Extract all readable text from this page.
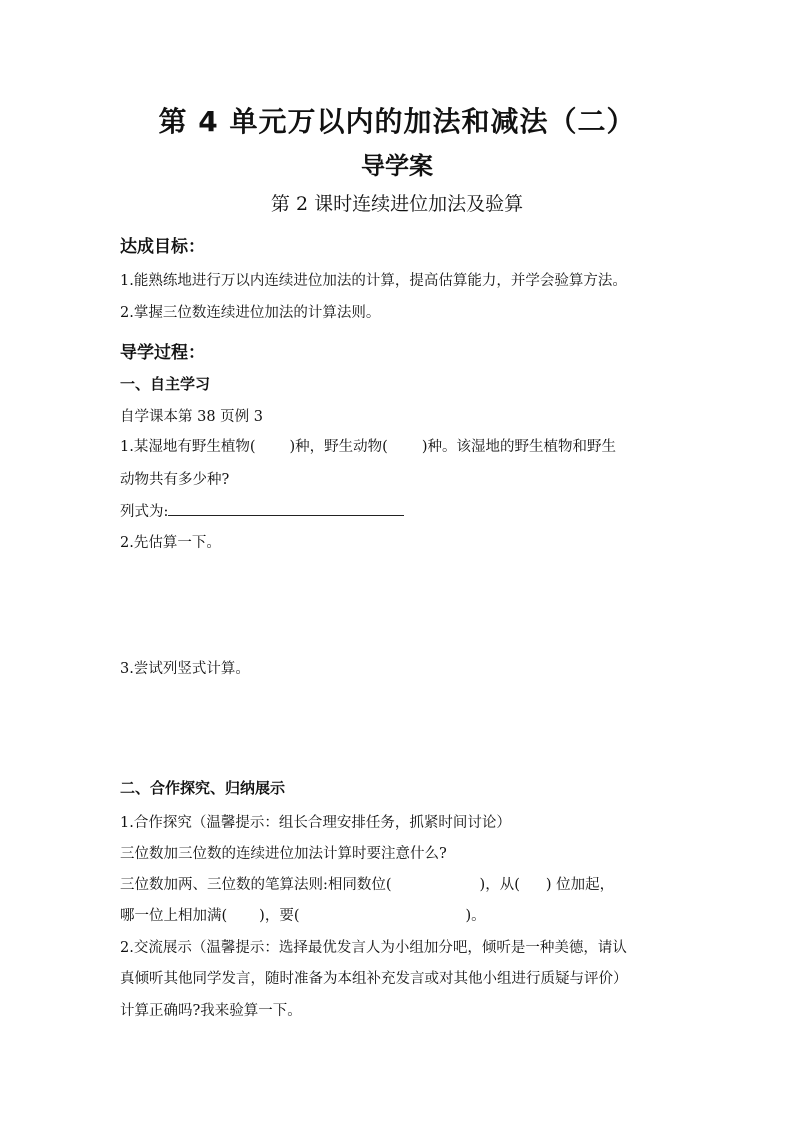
第 4 单元万以内的加法和减法（二）
导学案
第 2 课时连续进位加法及验算
达成目标：
1.能熟练地进行万以内连续进位加法的计算，提高估算能力，并学会验算方法。
2.掌握三位数连续进位加法的计算法则。
导学过程：
一、自主学习
自学课本第 38 页例 3
1.某湿地有野生植物( )种，野生动物( )种。该湿地的野生植物和野生
动物共有多少种?
列式为:
2.先估算一下。
3.尝试列竖式计算。
二、合作探究、归纳展示
1.合作探究（温馨提示：组长合理安排任务，抓紧时间讨论）
三位数加三位数的连续进位加法计算时要注意什么?
三位数加两、三位数的笔算法则:相同数位(	)，从( ) 位加起，
哪一位上相加满( )，要(	)。
2.交流展示（温馨提示：选择最优发言人为小组加分吧，倾听是一种美德，请认
真倾听其他同学发言，随时准备为本组补充发言或对其他小组进行质疑与评价）
计算正确吗?我来验算一下。
